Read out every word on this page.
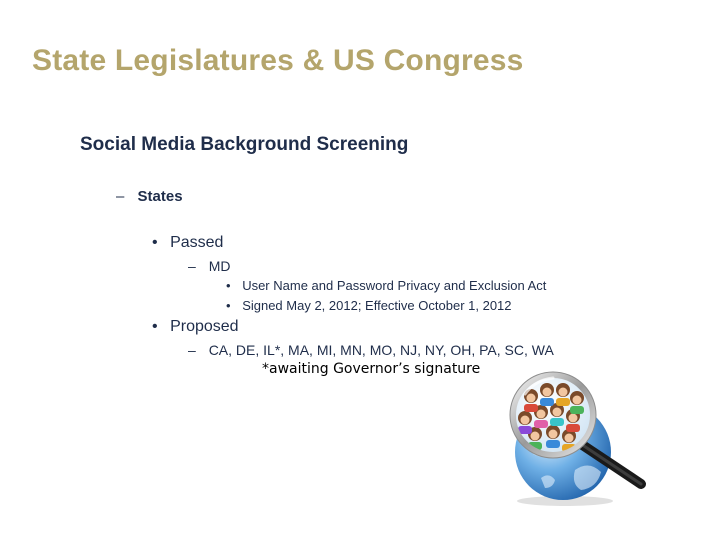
State Legislatures & US Congress
Social Media Background Screening
– States
• Passed
– MD
• User Name and Password Privacy and Exclusion Act
• Signed May 2, 2012; Effective October 1, 2012
• Proposed
– CA, DE, IL*, MA, MI, MN, MO, NJ, NY, OH, PA, SC, WA
*awaiting Governor’s signature
